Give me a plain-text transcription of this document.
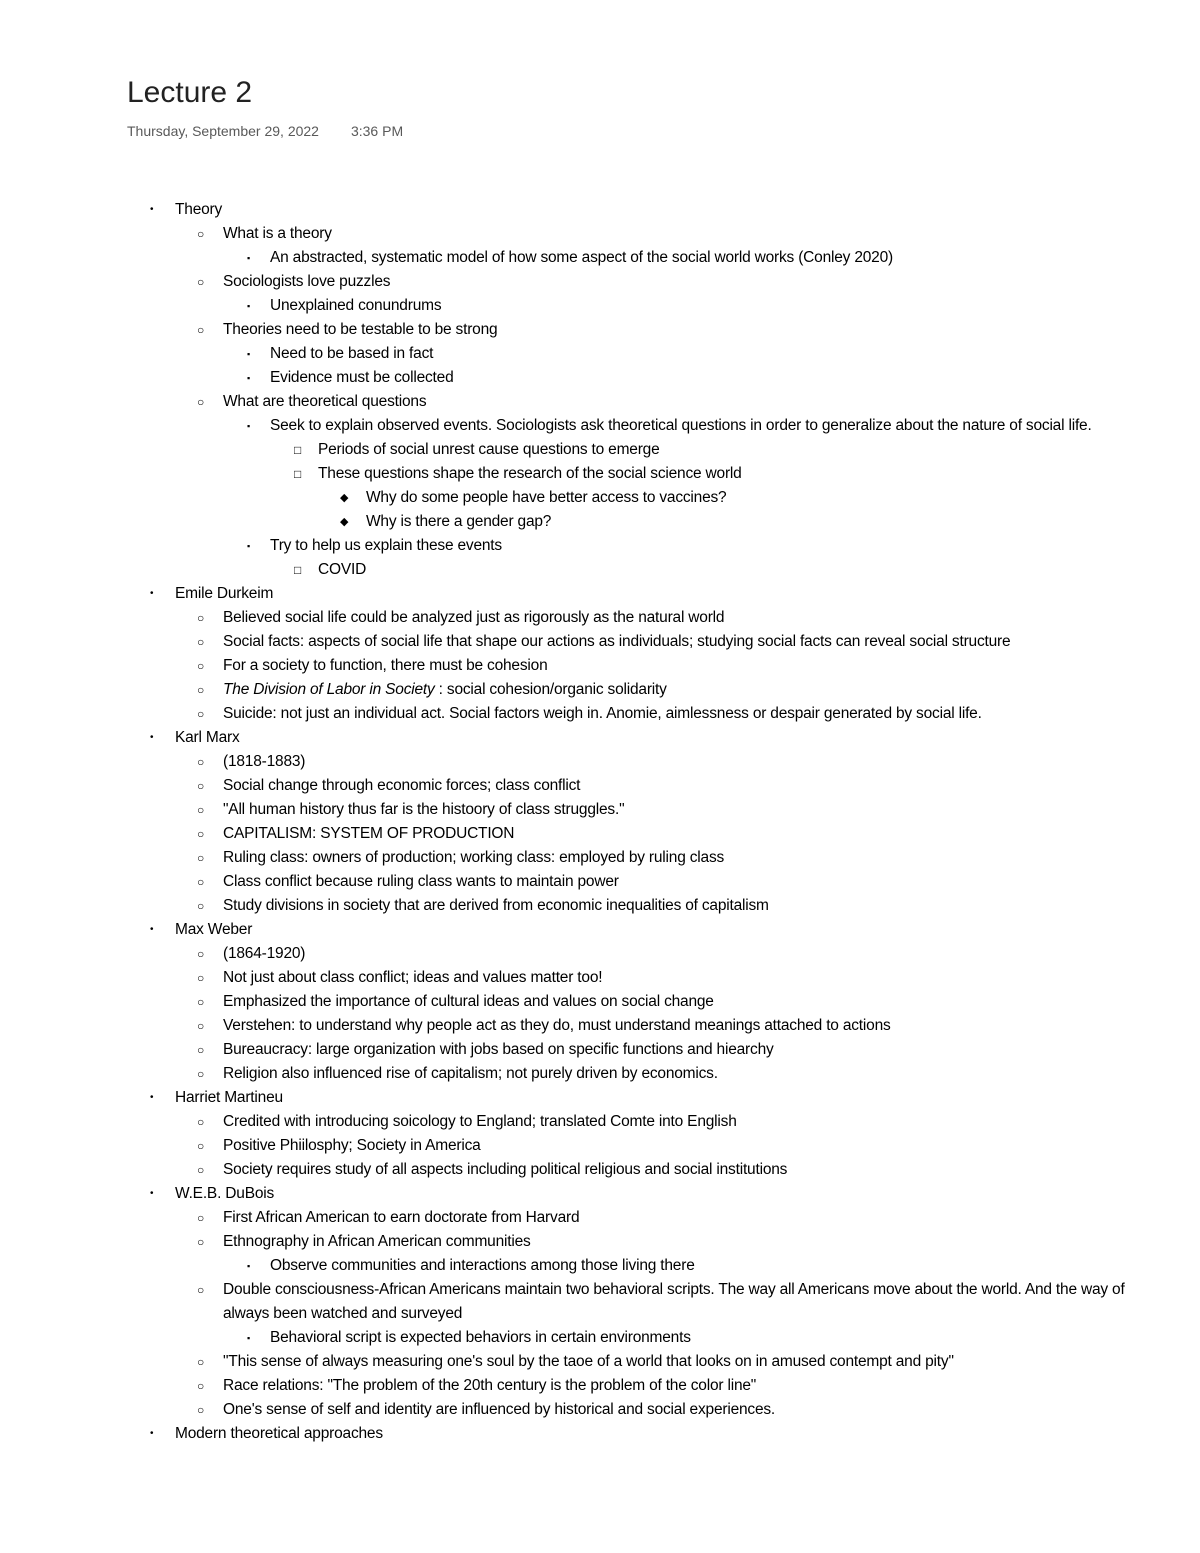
Lecture 2
Thursday, September 29, 2022 3:36 PM
• Theory
○ What is a theory
▪ An abstracted, systematic model of how some aspect of the social world works (Conley 2020)
○ Sociologists love puzzles
▪ Unexplained conundrums
○ Theories need to be testable to be strong
▪ Need to be based in fact
▪ Evidence must be collected
○ What are theoretical questions
▪ Seek to explain observed events. Sociologists ask theoretical questions in order to generalize about the nature of social life.
□ Periods of social unrest cause questions to emerge
□ These questions shape the research of the social science world
◆ Why do some people have better access to vaccines?
◆ Why is there a gender gap?
▪ Try to help us explain these events
□ COVID
• Emile Durkeim
○ Believed social life could be analyzed just as rigorously as the natural world
○ Social facts: aspects of social life that shape our actions as individuals; studying social facts can reveal social structure
○ For a society to function, there must be cohesion
○ The Division of Labor in Society : social cohesion/organic solidarity
○ Suicide: not just an individual act. Social factors weigh in. Anomie, aimlessness or despair generated by social life.
• Karl Marx
○ (1818-1883)
○ Social change through economic forces; class conflict
○ "All human history thus far is the histoory of class struggles."
○ CAPITALISM: SYSTEM OF PRODUCTION
○ Ruling class: owners of production; working class: employed by ruling class
○ Class conflict because ruling class wants to maintain power
○ Study divisions in society that are derived from economic inequalities of capitalism
• Max Weber
○ (1864-1920)
○ Not just about class conflict; ideas and values matter too!
○ Emphasized the importance of cultural ideas and values on social change
○ Verstehen: to understand why people act as they do, must understand meanings attached to actions
○ Bureaucracy: large organization with jobs based on specific functions and hiearchy
○ Religion also influenced rise of capitalism; not purely driven by economics.
• Harriet Martineu
○ Credited with introducing soicology to England; translated Comte into English
○ Positive Phiilosphy; Society in America
○ Society requires study of all aspects including political religious and social institutions
• W.E.B. DuBois
○ First African American to earn doctorate from Harvard
○ Ethnography in African American communities
▪ Observe communities and interactions among those living there
○ Double consciousness-African Americans maintain two behavioral scripts. The way all Americans move about the world. And the way of always been watched and surveyed
▪ Behavioral script is expected behaviors in certain environments
○ "This sense of always measuring one's soul by the taoe of a world that looks on in amused contempt and pity"
○ Race relations: "The problem of the 20th century is the problem of the color line"
○ One's sense of self and identity are influenced by historical and social experiences.
• Modern theoretical approaches
